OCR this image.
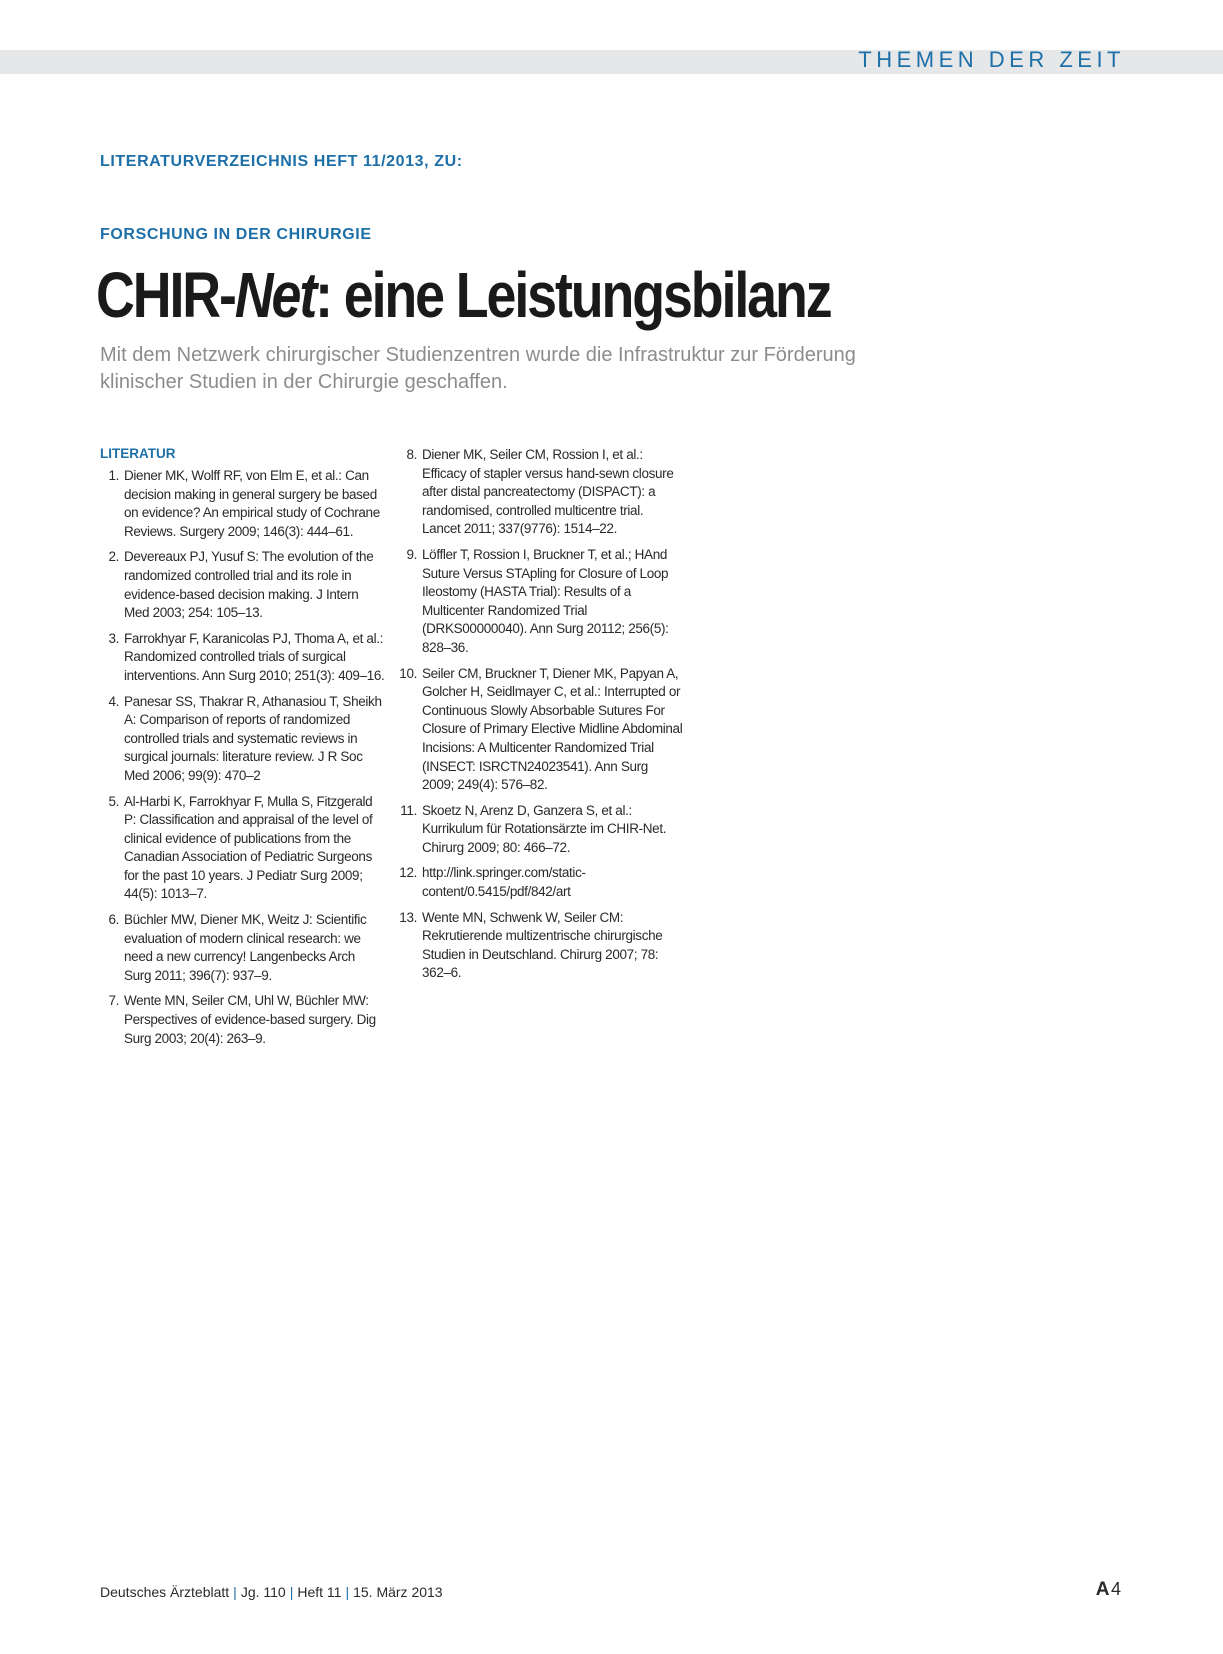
THEMEN DER ZEIT
LITERATURVERZEICHNIS HEFT 11/2013, ZU:
FORSCHUNG IN DER CHIRURGIE
CHIR-Net: eine Leistungsbilanz
Mit dem Netzwerk chirurgischer Studienzentren wurde die Infrastruktur zur Förderung klinischer Studien in der Chirurgie geschaffen.
LITERATUR
1. Diener MK, Wolff RF, von Elm E, et al.: Can decision making in general surgery be based on evidence? An empirical study of Cochrane Reviews. Surgery 2009; 146(3): 444–61.
2. Devereaux PJ, Yusuf S: The evolution of the randomized controlled trial and its role in evidence-based decision making. J Intern Med 2003; 254: 105–13.
3. Farrokhyar F, Karanicolas PJ, Thoma A, et al.: Randomized controlled trials of surgical interventions. Ann Surg 2010; 251(3): 409–16.
4. Panesar SS, Thakrar R, Athanasiou T, Sheikh A: Comparison of reports of randomized controlled trials and systematic reviews in surgical journals: literature review. J R Soc Med 2006; 99(9): 470–2
5. Al-Harbi K, Farrokhyar F, Mulla S, Fitzgerald P: Classification and appraisal of the level of clinical evidence of publications from the Canadian Association of Pediatric Surgeons for the past 10 years. J Pediatr Surg 2009; 44(5): 1013–7.
6. Büchler MW, Diener MK, Weitz J: Scientific evaluation of modern clinical research: we need a new currency! Langenbecks Arch Surg 2011; 396(7): 937–9.
7. Wente MN, Seiler CM, Uhl W, Büchler MW: Perspectives of evidence-based surgery. Dig Surg 2003; 20(4): 263–9.
8. Diener MK, Seiler CM, Rossion I, et al.: Efficacy of stapler versus hand-sewn closure after distal pancreatectomy (DISPACT): a randomised, controlled multicentre trial. Lancet 2011; 337(9776): 1514–22.
9. Löffler T, Rossion I, Bruckner T, et al.; HAnd Suture Versus STApling for Closure of Loop Ileostomy (HASTA Trial): Results of a Multicenter Randomized Trial (DRKS00000040). Ann Surg 20112; 256(5): 828–36.
10. Seiler CM, Bruckner T, Diener MK, Papyan A, Golcher H, Seidlmayer C, et al.: Interrupted or Continuous Slowly Absorbable Sutures For Closure of Primary Elective Midline Abdominal Incisions: A Multicenter Randomized Trial (INSECT: ISRCTN24023541). Ann Surg 2009; 249(4): 576–82.
11. Skoetz N, Arenz D, Ganzera S, et al.: Kurrikulum für Rotationsärzte im CHIR-Net. Chirurg 2009; 80: 466–72.
12. http://link.springer.com/static-content/0.5415/pdf/842/art
13. Wente MN, Schwenk W, Seiler CM: Rekrutierende multizentrische chirurgische Studien in Deutschland. Chirurg 2007; 78: 362–6.
Deutsches Ärzteblatt | Jg. 110 | Heft 11 | 15. März 2013	A 4
